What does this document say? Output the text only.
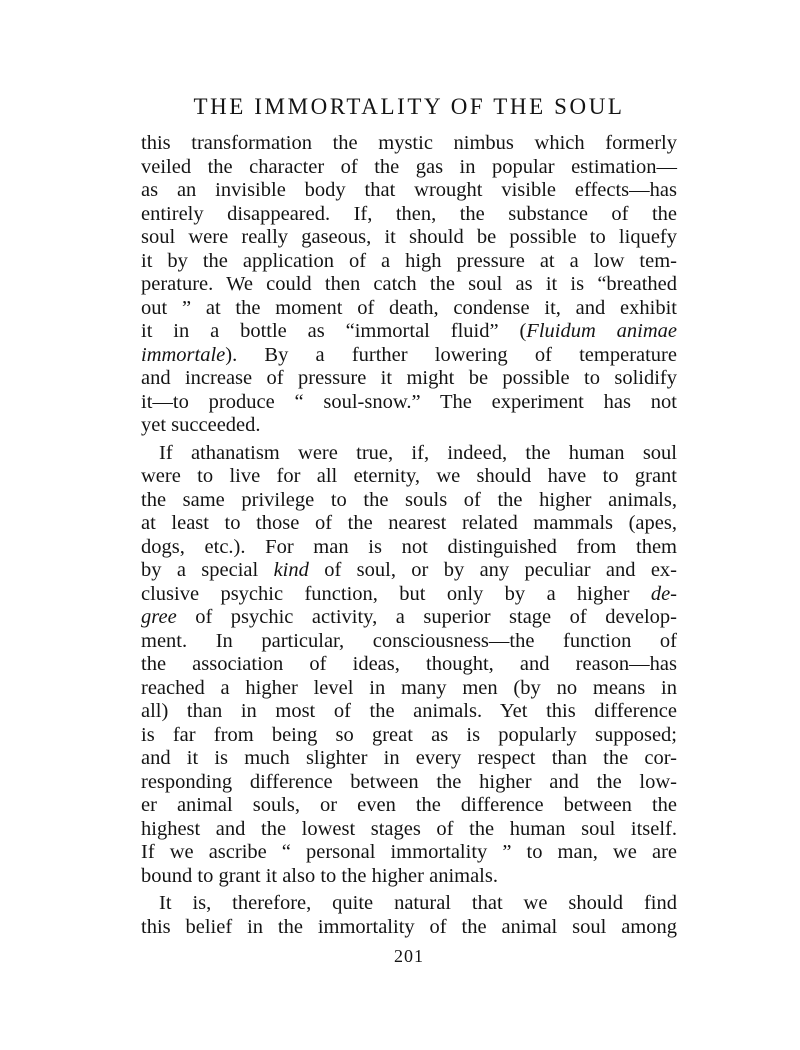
THE IMMORTALITY OF THE SOUL
this transformation the mystic nimbus which formerly
veiled the character of the gas in popular estimation—
as an invisible body that wrought visible effects—has
entirely disappeared. If, then, the substance of the
soul were really gaseous, it should be possible to liquefy
it by the application of a high pressure at a low tem-
perature. We could then catch the soul as it is “breathed
out ” at the moment of death, condense it, and exhibit
it in a bottle as “immortal fluid” (Fluidum animae
immortale). By a further lowering of temperature
and increase of pressure it might be possible to solidify
it—to produce “ soul-snow.” The experiment has not
yet succeeded.
If athanatism were true, if, indeed, the human soul
were to live for all eternity, we should have to grant
the same privilege to the souls of the higher animals,
at least to those of the nearest related mammals (apes,
dogs, etc.). For man is not distinguished from them
by a special kind of soul, or by any peculiar and ex-
clusive psychic function, but only by a higher de-
gree of psychic activity, a superior stage of develop-
ment. In particular, consciousness—the function of
the association of ideas, thought, and reason—has
reached a higher level in many men (by no means in
all) than in most of the animals. Yet this difference
is far from being so great as is popularly supposed;
and it is much slighter in every respect than the cor-
responding difference between the higher and the low-
er animal souls, or even the difference between the
highest and the lowest stages of the human soul itself.
If we ascribe “ personal immortality ” to man, we are
bound to grant it also to the higher animals.
It is, therefore, quite natural that we should find
this belief in the immortality of the animal soul among
201
